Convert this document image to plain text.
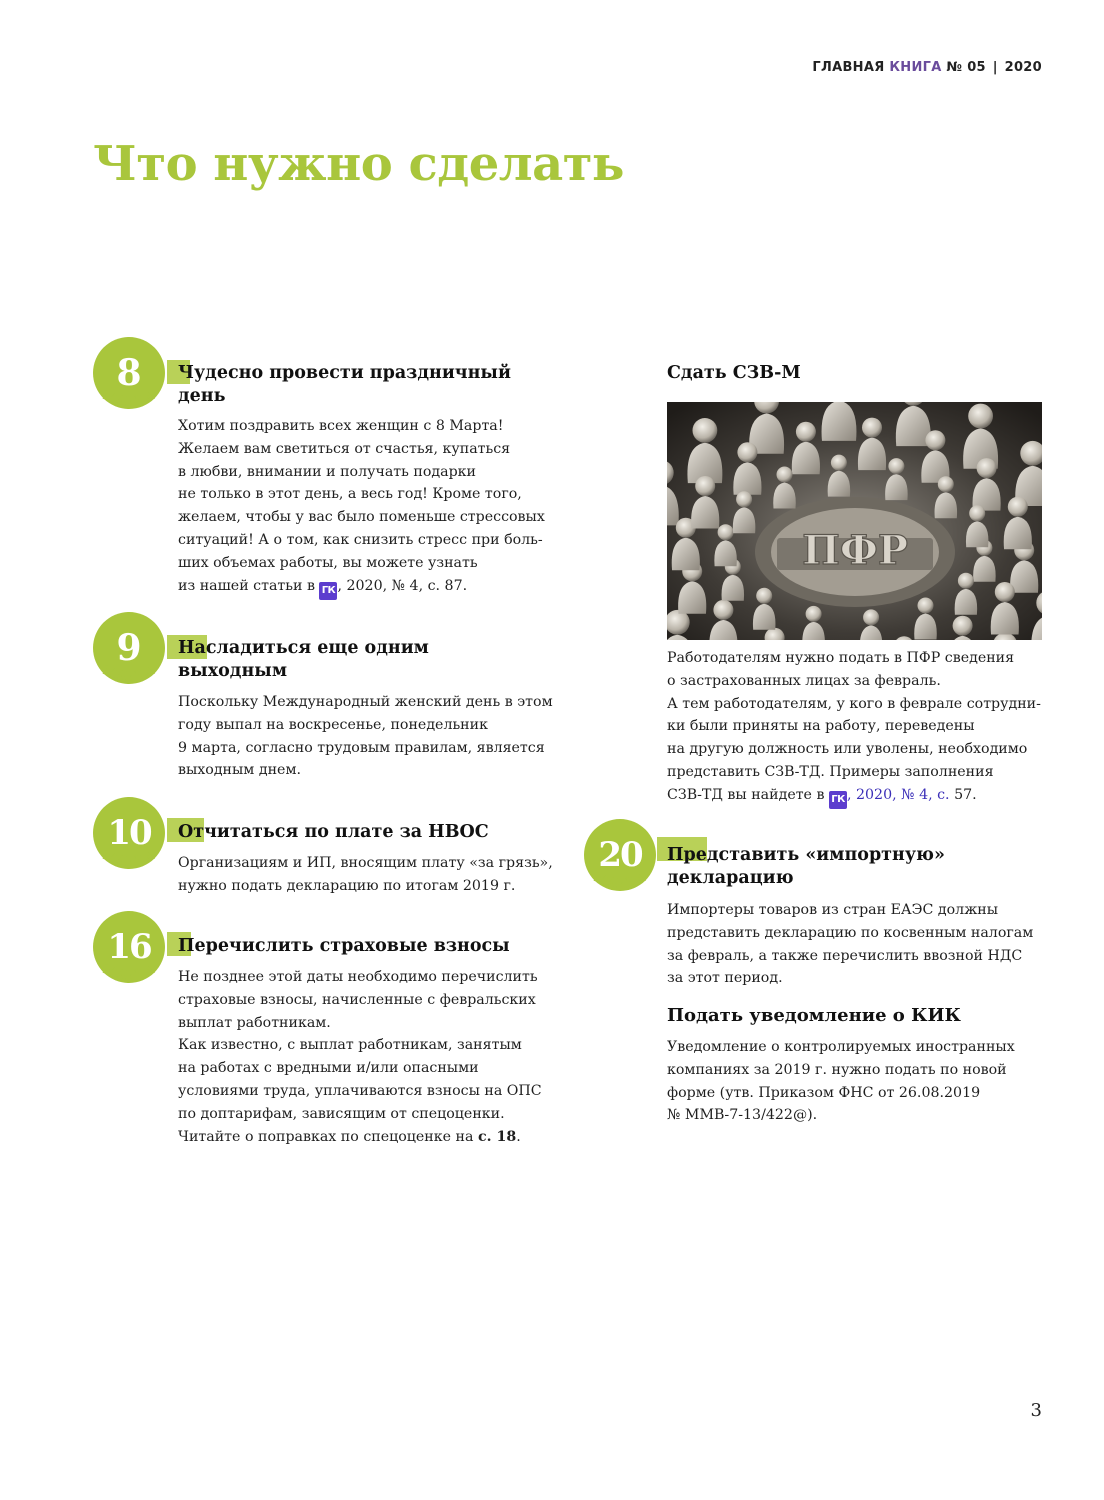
ГЛАВНАЯ КНИГА № 05 | 2020
Что нужно сделать
8
МАРТА
Чудесно провести праздничный
день

Хотим поздравить всех женщин с 8 Марта!

Желаем вам светиться от счастья, купаться

в любви, внимании и получать подарки

не только в этот день, а весь год! Кроме того,

желаем, чтобы у вас было поменьше стрессовых

ситуаций! А о том, как снизить стресс при боль-

ших объемах работы, вы можете узнать

из нашей статьи в ГК , 2020, № 4, с. 87.

9
МАРТА
Насладиться еще одним
выходным

Поскольку Международный женский день в этом

году выпал на воскресенье, понедельник

9 марта, согласно трудовым правилам, является

выходным днем.

10
МАРТА
Отчитаться по плате за НВОС

Организациям и ИП, вносящим плату «за грязь»,

нужно подать декларацию по итогам 2019 г.

16
МАРТА
Перечислить страховые взносы

Не позднее этой даты необходимо перечислить

страховые взносы, начисленные с февральских

выплат работникам.

Как известно, с выплат работникам, занятым

на работах с вредными и/или опасными

условиями труда, уплачиваются взносы на ОПС

по доптарифам, зависящим от спецоценки.

Читайте о поправках по спецоценке на с. 18.

Сдать СЗВ-М
ПФР

Работодателям нужно подать в ПФР сведения

о застрахованных лицах за февраль.

А тем работодателям, у кого в феврале сотрудни-

ки были приняты на работу, переведены

на другую должность или уволены, необходимо

представить СЗВ-ТД. Примеры заполнения

СЗВ-ТД вы найдете в ГК , 2020, № 4, с. 57.

20
МАРТА
Представить «импортную»
декларацию

Импортеры товаров из стран ЕАЭС должны

представить декларацию по косвенным налогам

за февраль, а также перечислить ввозной НДС

за этот период.

Подать уведомление о КИК

Уведомление о контролируемых иностранных

компаниях за 2019 г. нужно подать по новой

форме (утв. Приказом ФНС от 26.08.2019

№ ММВ-7-13/422@).

3
